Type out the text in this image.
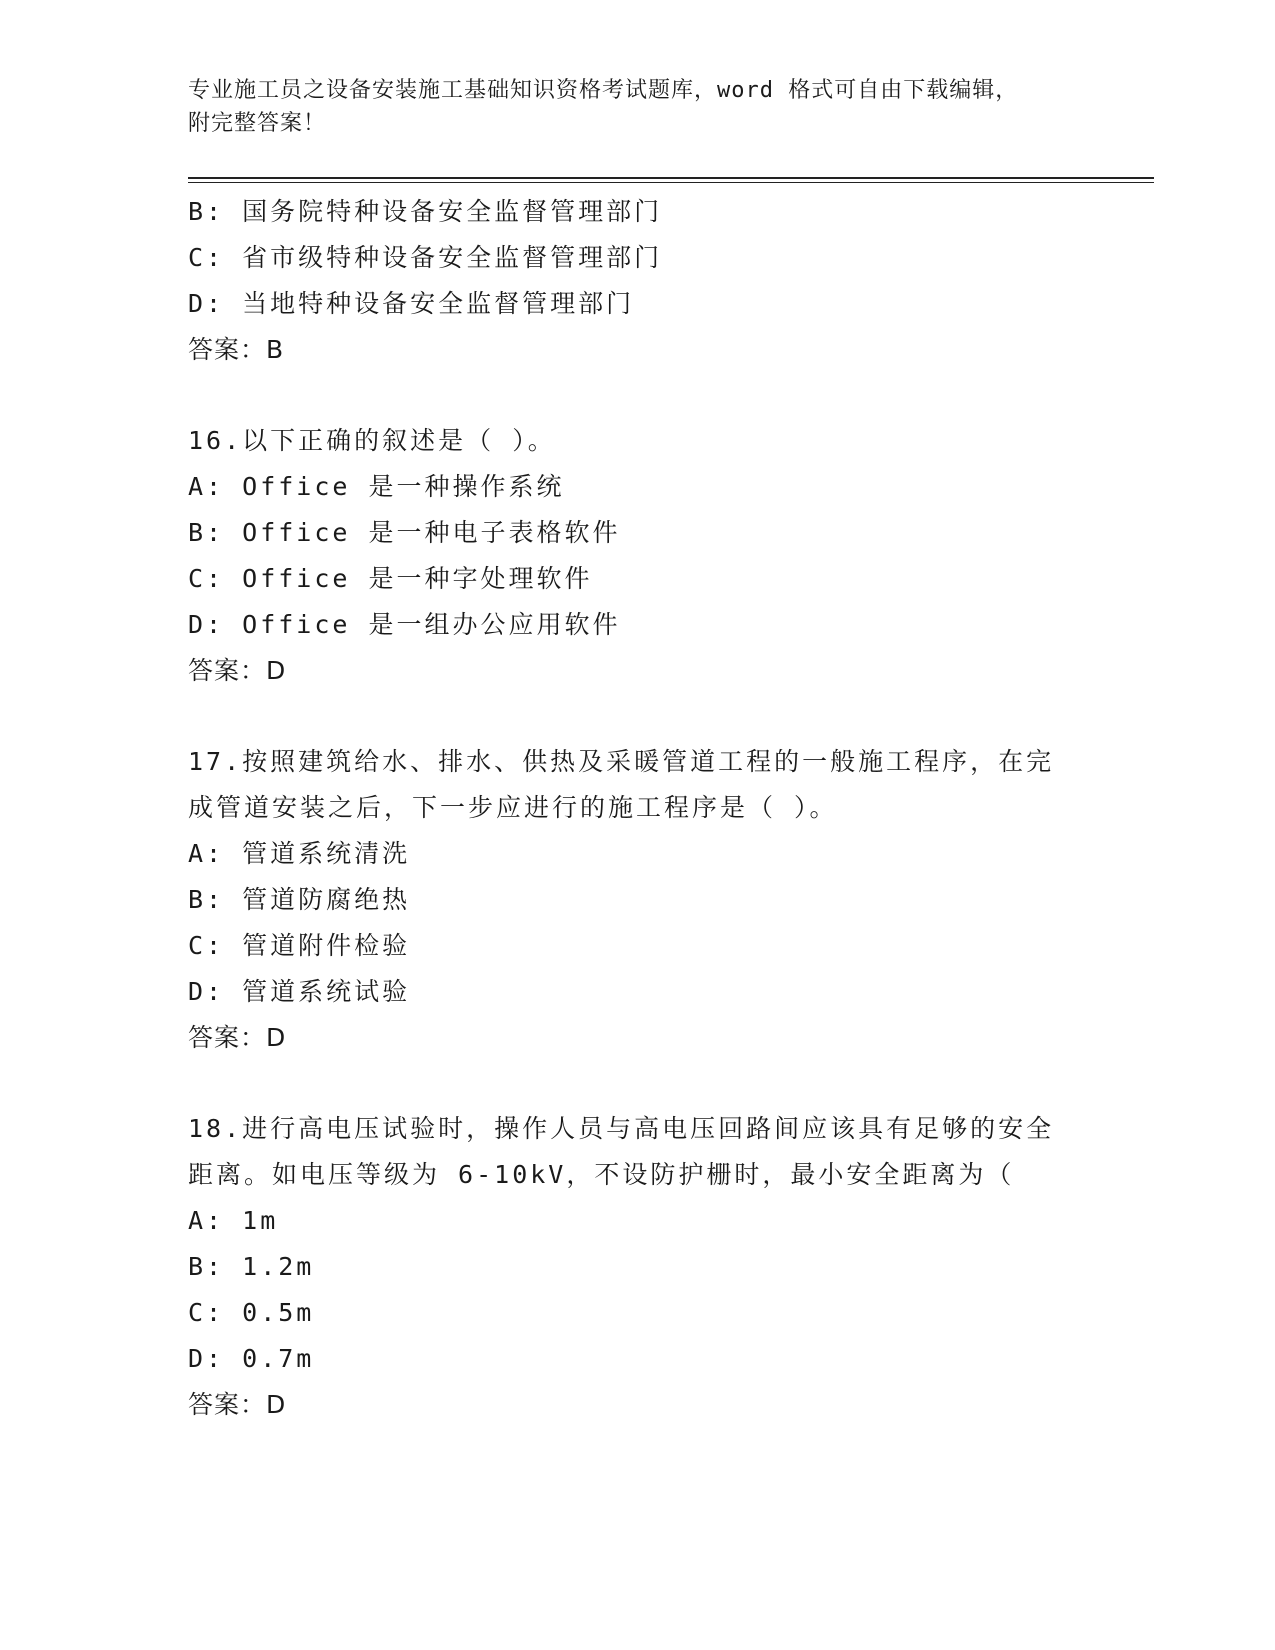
专业施工员之设备安装施工基础知识资格考试题库，word 格式可自由下载编辑，
附完整答案！
B: 国务院特种设备安全监督管理部门
C: 省市级特种设备安全监督管理部门
D: 当地特种设备安全监督管理部门
答案：B
16.以下正确的叙述是（ ）。
A: Office 是一种操作系统
B: Office 是一种电子表格软件
C: Office 是一种字处理软件
D: Office 是一组办公应用软件
答案：D
17.按照建筑给水、排水、供热及采暖管道工程的一般施工程序，在完
成管道安装之后，下一步应进行的施工程序是（ ）。
A: 管道系统清洗
B: 管道防腐绝热
C: 管道附件检验
D: 管道系统试验
答案：D
18.进行高电压试验时，操作人员与高电压回路间应该具有足够的安全
距离。如电压等级为 6-10kV，不设防护栅时，最小安全距离为（
A: 1m
B: 1.2m
C: 0.5m
D: 0.7m
答案：D
